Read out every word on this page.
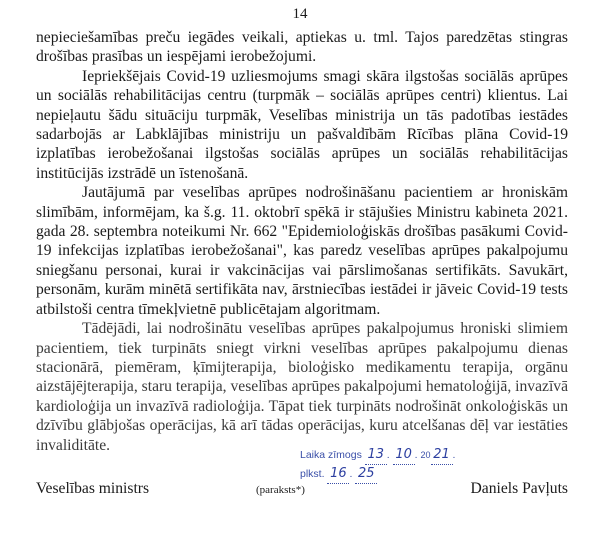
14

nepieciešamības preču iegādes veikali, aptiekas u. tml. Tajos paredzētas stingras drošības prasības un iespējami ierobežojumi.

Iepriekšējais Covid-19 uzliesmojums smagi skāra ilgstošas sociālās aprūpes un sociālās rehabilitācijas centru (turpmāk – sociālās aprūpes centri) klientus. Lai nepieļautu šādu situāciju turpmāk, Veselības ministrija un tās padotības iestādes sadarbojās ar Labklājības ministriju un pašvaldībām Rīcības plāna Covid-19 izplatības ierobežošanai ilgstošas sociālās aprūpes un sociālās rehabilitācijas institūcijās izstrādē un īstenošanā.

Jautājumā par veselības aprūpes nodrošināšanu pacientiem ar hroniskām slimībām, informējam, ka š.g. 11. oktobrī spēkā ir stājušies Ministru kabineta 2021. gada 28. septembra noteikumi Nr. 662 "Epidemioloģiskās drošības pasākumi Covid-19 infekcijas izplatības ierobežošanai", kas paredz veselības aprūpes pakalpojumu sniegšanu personai, kurai ir vakcinācijas vai pārslimošanas sertifikāts. Savukārt, personām, kurām minētā sertifikāta nav, ārstniecības iestādei ir jāveic Covid-19 tests atbilstoši centra tīmekļvietnē publicētajam algoritmam.

Tādējādi, lai nodrošinātu veselības aprūpes pakalpojumus hroniski slimiem pacientiem, tiek turpināts sniegt virkni veselības aprūpes pakalpojumu dienas stacionārā, piemēram, ķīmijterapija, bioloģisko medikamentu terapija, orgānu aizstājējterapija, staru terapija, veselības aprūpes pakalpojumi hematoloģijā, invazīvā kardioloģija un invazīvā radioloģija. Tāpat tiek turpināts nodrošināt onkoloģiskās un dzīvību glābjošas operācijas, kā arī tādas operācijas, kuru atcelšanas dēļ var iestāties invaliditāte.

Laika zīmogs 13 . 10 . 20 21 .
plkst. 16 . 25
Veselības ministrs	(paraksts*)	Daniels Pavļuts
